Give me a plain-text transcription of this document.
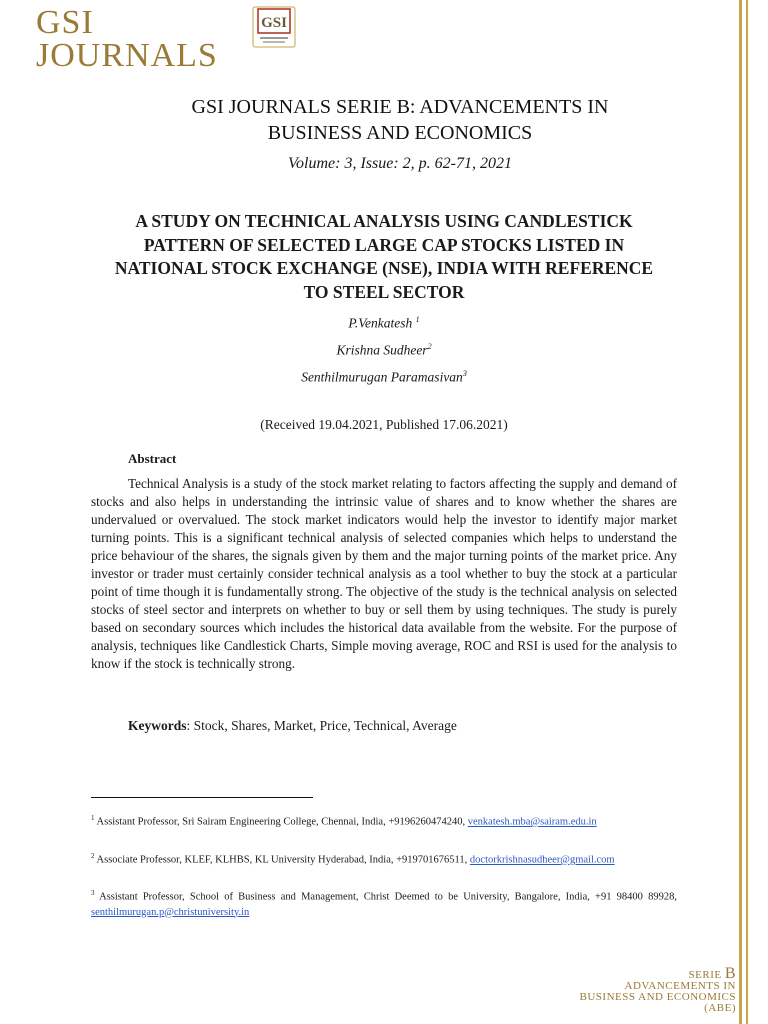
GSI
JOURNALS
GSI
GSI JOURNALS SERIE B: ADVANCEMENTS IN
BUSINESS AND ECONOMICS
Volume: 3, Issue: 2, p. 62-71, 2021
A STUDY ON TECHNICAL ANALYSIS USING CANDLESTICK
PATTERN OF SELECTED LARGE CAP STOCKS LISTED IN
NATIONAL STOCK EXCHANGE (NSE), INDIA WITH REFERENCE
TO STEEL SECTOR
P.Venkatesh $^1$
Krishna Sudheer$^2$
Senthilmurugan Paramasivan$^3$
(Received 19.04.2021, Published 17.06.2021)
Abstract
Technical Analysis is a study of the stock market relating to factors affecting the supply and demand of stocks and also helps in understanding the intrinsic value of shares and to know whether the shares are undervalued or overvalued. The stock market indicators would help the investor to identify major market turning points. This is a significant technical analysis of selected companies which helps to understand the price behaviour of the shares, the signals given by them and the major turning points of the market price. Any investor or trader must certainly consider technical analysis as a tool whether to buy the stock at a particular point of time though it is fundamentally strong. The objective of the study is the technical analysis on selected stocks of steel sector and interprets on whether to buy or sell them by using techniques. The study is purely based on secondary sources which includes the historical data available from the website. For the purpose of analysis, techniques like Candlestick Charts, Simple moving average, ROC and RSI is used for the analysis to know if the stock is technically strong.
Keywords: Stock, Shares, Market, Price, Technical, Average
$^1$ Assistant Professor, Sri Sairam Engineering College, Chennai, India, +9196260474240, venkatesh.mba@sairam.edu.in
$^2$ Associate Professor, KLEF, KLHBS, KL University Hyderabad, India, +919701676511, doctorkrishnasudheer@gmail.com
$^3$ Assistant Professor, School of Business and Management, Christ Deemed to be University, Bangalore, India, +91 98400 89928, senthilmurugan.p@christuniversity.in
SERIE B
ADVANCEMENTS IN
BUSINESS AND ECONOMICS
(ABE)
